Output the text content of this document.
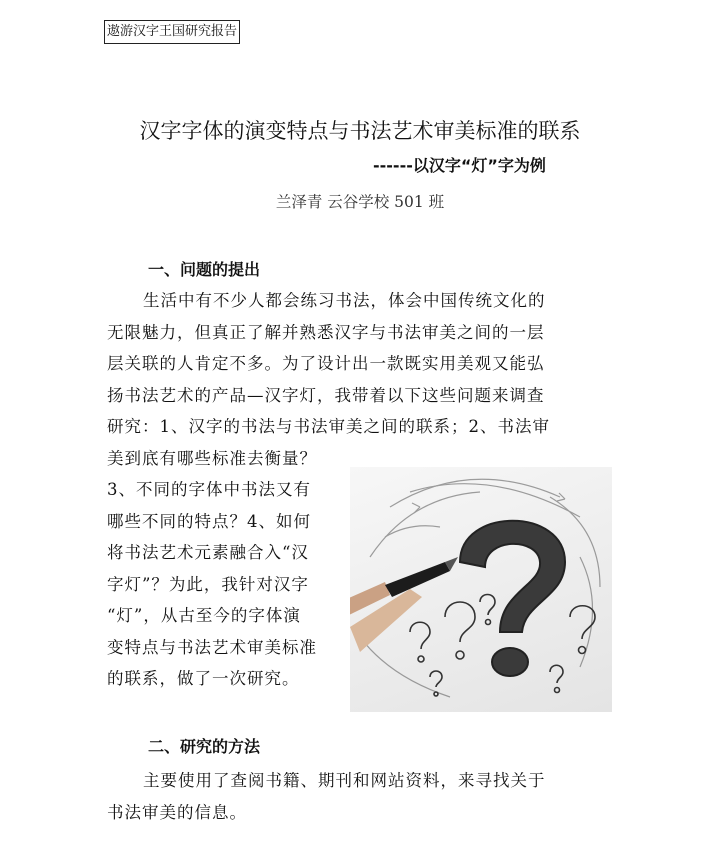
遨游汉字王国研究报告
汉字字体的演变特点与书法艺术审美标准的联系
------以汉字“灯”字为例
兰泽青 云谷学校 501 班
一、问题的提出
生活中有不少人都会练习书法，体会中国传统文化的
无限魅力，但真正了解并熟悉汉字与书法审美之间的一层
层关联的人肯定不多。为了设计出一款既实用美观又能弘
扬书法艺术的产品—汉字灯，我带着以下这些问题来调查
研究：1、汉字的书法与书法审美之间的联系；2、书法审
美到底有哪些标准去衡量？
3、不同的字体中书法又有
哪些不同的特点？4、如何
将书法艺术元素融合入“汉
字灯”？为此，我针对汉字
“灯”，从古至今的字体演
变特点与书法艺术审美标准
的联系，做了一次研究。
二、研究的方法
主要使用了查阅书籍、期刊和网站资料，来寻找关于
书法审美的信息。
